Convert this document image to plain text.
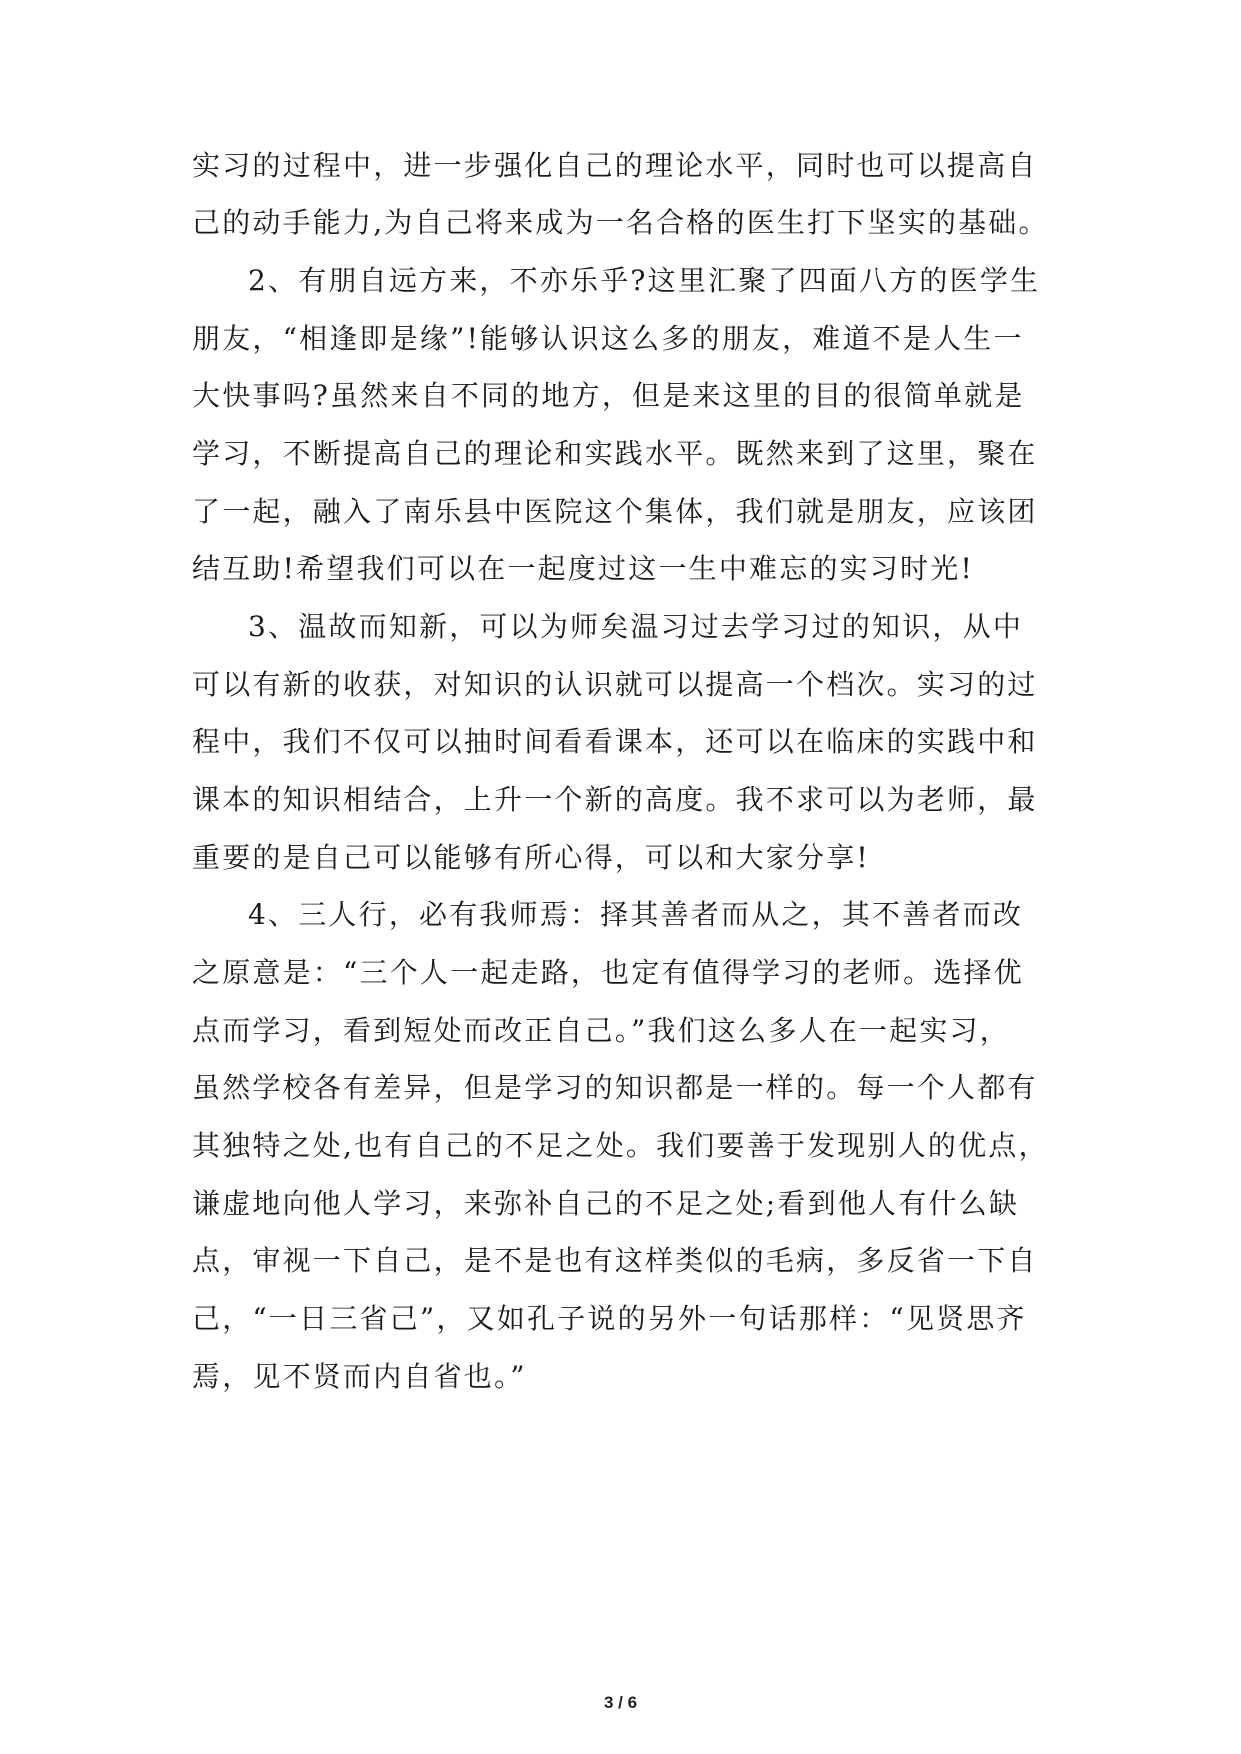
实习的过程中，进一步强化自己的理论水平，同时也可以提高自
己的动手能力,为自己将来成为一名合格的医生打下坚实的基础。
2、有朋自远方来，不亦乐乎?这里汇聚了四面八方的医学生
朋友，“相逢即是缘”!能够认识这么多的朋友，难道不是人生一
大快事吗?虽然来自不同的地方，但是来这里的目的很简单就是
学习，不断提高自己的理论和实践水平。既然来到了这里，聚在
了一起，融入了南乐县中医院这个集体，我们就是朋友，应该团
结互助!希望我们可以在一起度过这一生中难忘的实习时光!
3、温故而知新，可以为师矣温习过去学习过的知识，从中
可以有新的收获，对知识的认识就可以提高一个档次。实习的过
程中，我们不仅可以抽时间看看课本，还可以在临床的实践中和
课本的知识相结合，上升一个新的高度。我不求可以为老师，最
重要的是自己可以能够有所心得，可以和大家分享!
4、三人行，必有我师焉：择其善者而从之，其不善者而改
之原意是：“三个人一起走路，也定有值得学习的老师。选择优
点而学习，看到短处而改正自己。”我们这么多人在一起实习，
虽然学校各有差异，但是学习的知识都是一样的。每一个人都有
其独特之处,也有自己的不足之处。我们要善于发现别人的优点，
谦虚地向他人学习，来弥补自己的不足之处;看到他人有什么缺
点，审视一下自己，是不是也有这样类似的毛病，多反省一下自
己，“一日三省己”，又如孔子说的另外一句话那样：“见贤思齐
焉，见不贤而内自省也。”
3 / 6
